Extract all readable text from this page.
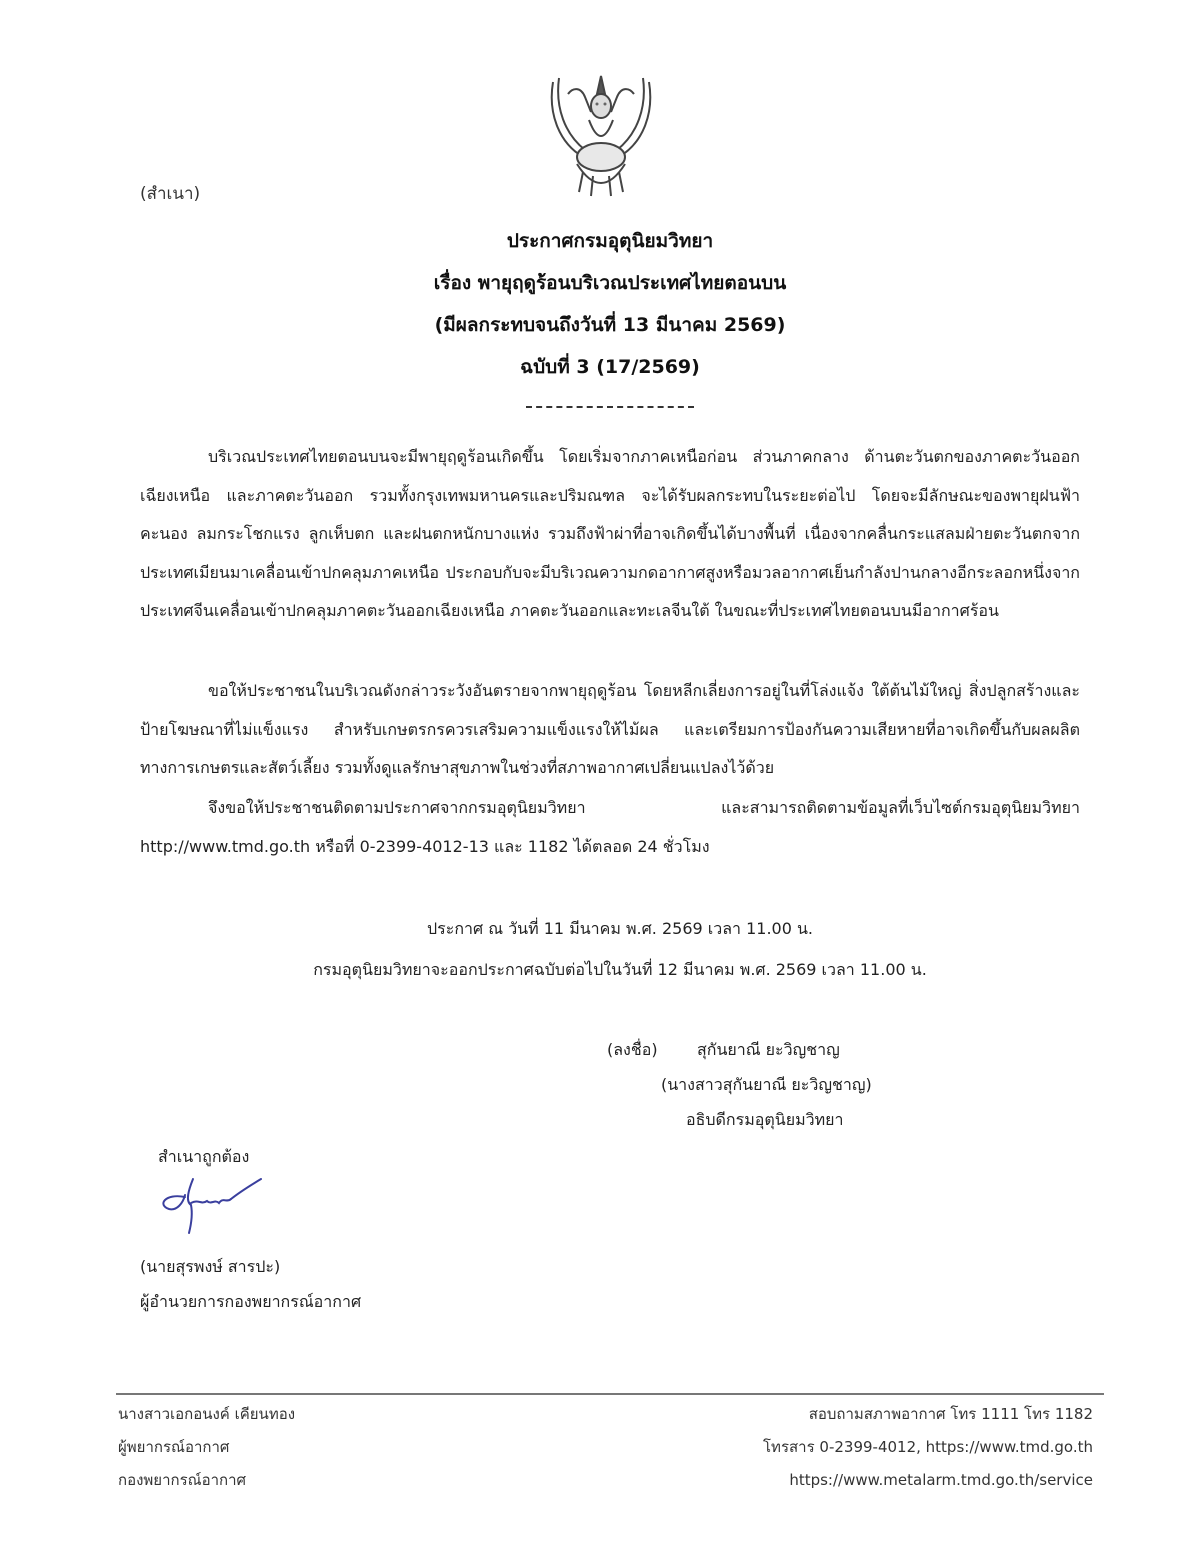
(สำเนา)
ประกาศกรมอุตุนิยมวิทยา
เรื่อง พายุฤดูร้อนบริเวณประเทศไทยตอนบน
(มีผลกระทบจนถึงวันที่ 13 มีนาคม 2569)
ฉบับที่ 3 (17/2569)
บริเวณประเทศไทยตอนบนจะมีพายุฤดูร้อนเกิดขึ้น โดยเริ่มจากภาคเหนือก่อน ส่วนภาคกลาง ด้านตะวันตกของภาคตะวันออกเฉียงเหนือ และภาคตะวันออก รวมทั้งกรุงเทพมหานครและปริมณฑล จะได้รับผลกระทบในระยะต่อไป โดยจะมีลักษณะของพายุฝนฟ้าคะนอง ลมกระโชกแรง ลูกเห็บตก และฝนตกหนักบางแห่ง รวมถึงฟ้าผ่าที่อาจเกิดขึ้นได้บางพื้นที่ เนื่องจากคลื่นกระแสลมฝ่ายตะวันตกจากประเทศเมียนมาเคลื่อนเข้าปกคลุมภาคเหนือ ประกอบกับจะมีบริเวณความกดอากาศสูงหรือมวลอากาศเย็นกำลังปานกลางอีกระลอกหนึ่งจากประเทศจีนเคลื่อนเข้าปกคลุมภาคตะวันออกเฉียงเหนือ ภาคตะวันออกและทะเลจีนใต้ ในขณะที่ประเทศไทยตอนบนมีอากาศร้อน
ขอให้ประชาชนในบริเวณดังกล่าวระวังอันตรายจากพายุฤดูร้อน โดยหลีกเลี่ยงการอยู่ในที่โล่งแจ้ง ใต้ต้นไม้ใหญ่ สิ่งปลูกสร้างและป้ายโฆษณาที่ไม่แข็งแรง สำหรับเกษตรกรควรเสริมความแข็งแรงให้ไม้ผล และเตรียมการป้องกันความเสียหายที่อาจเกิดขึ้นกับผลผลิตทางการเกษตรและสัตว์เลี้ยง รวมทั้งดูแลรักษาสุขภาพในช่วงที่สภาพอากาศเปลี่ยนแปลงไว้ด้วย
จึงขอให้ประชาชนติดตามประกาศจากกรมอุตุนิยมวิทยา และสามารถติดตามข้อมูลที่เว็บไซต์กรมอุตุนิยมวิทยา http://www.tmd.go.th หรือที่ 0-2399-4012-13 และ 1182 ได้ตลอด 24 ชั่วโมง
ประกาศ ณ วันที่ 11 มีนาคม พ.ศ. 2569 เวลา 11.00 น.
กรมอุตุนิยมวิทยาจะออกประกาศฉบับต่อไปในวันที่ 12 มีนาคม พ.ศ. 2569 เวลา 11.00 น.
(ลงชื่อ) สุกันยาณี ยะวิญชาญ
(นางสาวสุกันยาณี ยะวิญชาญ)
อธิบดีกรมอุตุนิยมวิทยา
สำเนาถูกต้อง
(นายสุรพงษ์ สารปะ)
ผู้อำนวยการกองพยากรณ์อากาศ
นางสาวเอกอนงค์ เคียนทอง
ผู้พยากรณ์อากาศ
กองพยากรณ์อากาศ
สอบถามสภาพอากาศ โทร 1111 โทร 1182
โทรสาร 0-2399-4012, https://www.tmd.go.th
https://www.metalarm.tmd.go.th/service
